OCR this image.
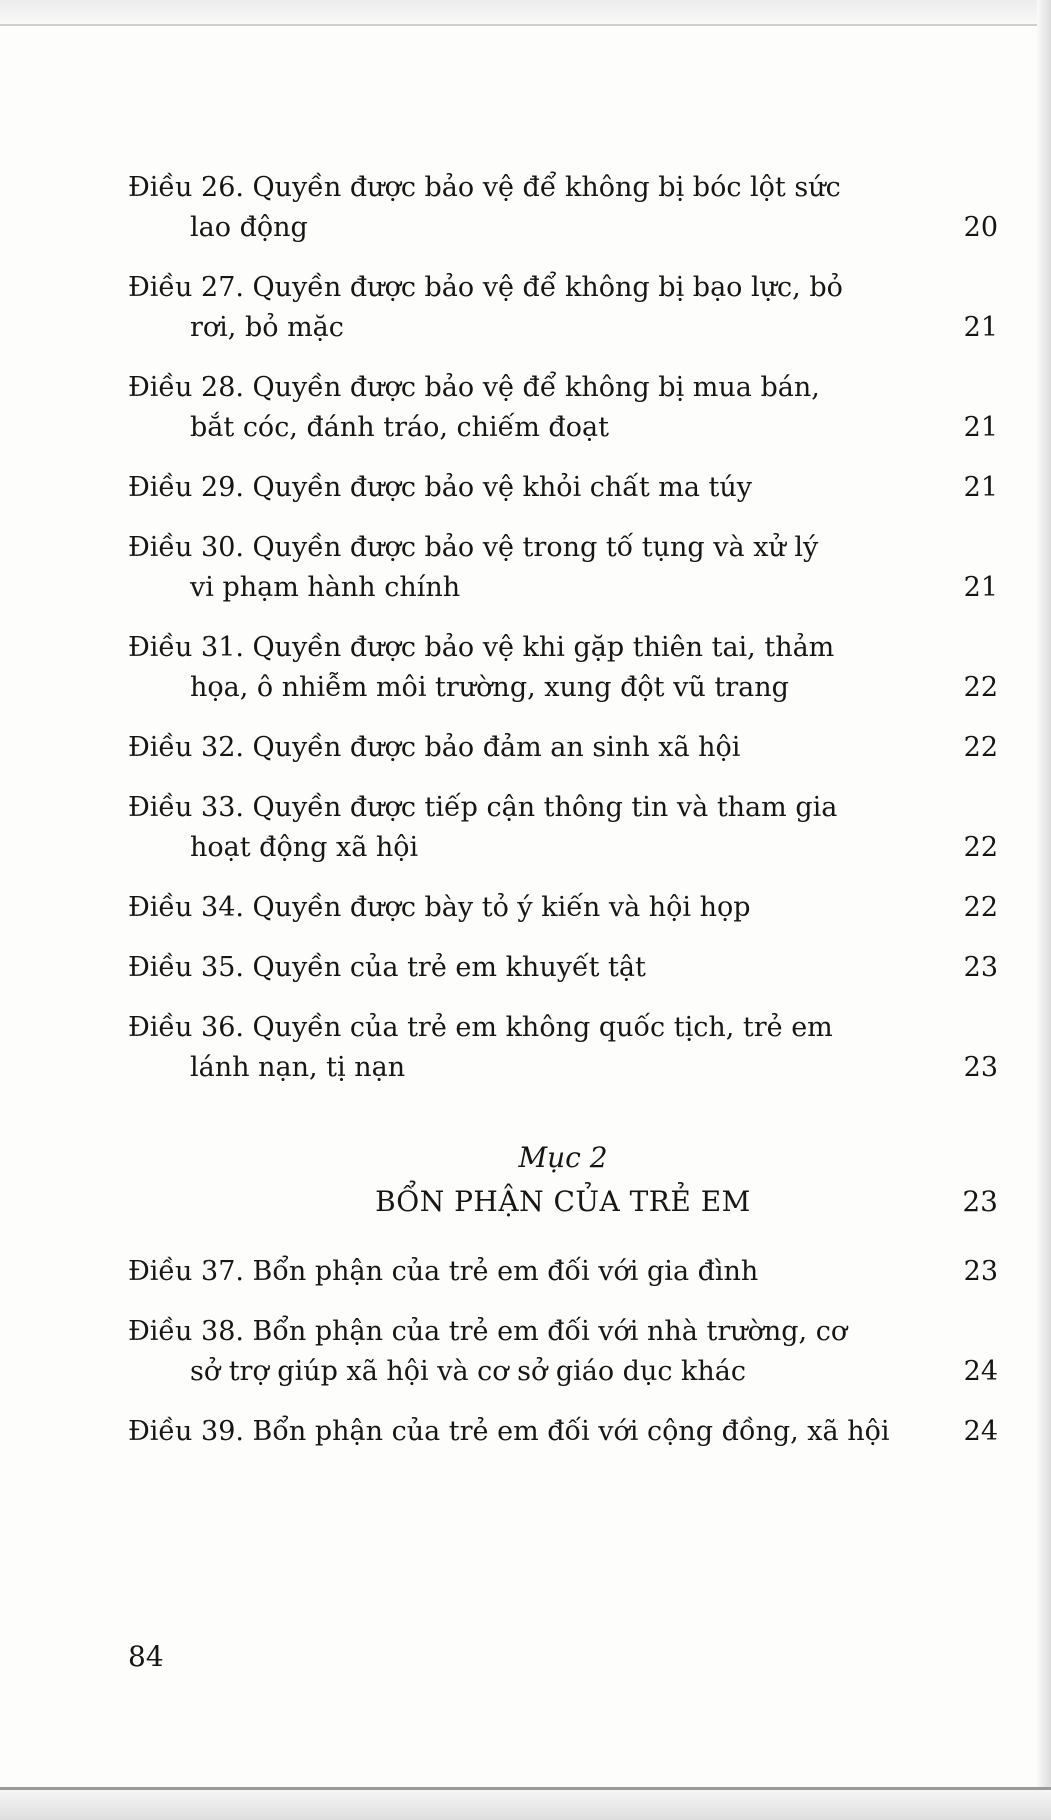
Điều 26. Quyền được bảo vệ để không bị bóc lột sức
lao động	20
Điều 27. Quyền được bảo vệ để không bị bạo lực, bỏ
rơi, bỏ mặc	21
Điều 28. Quyền được bảo vệ để không bị mua bán,
bắt cóc, đánh tráo, chiếm đoạt	21
Điều 29. Quyền được bảo vệ khỏi chất ma túy	21
Điều 30. Quyền được bảo vệ trong tố tụng và xử lý
vi phạm hành chính	21
Điều 31. Quyền được bảo vệ khi gặp thiên tai, thảm
họa, ô nhiễm môi trường, xung đột vũ trang	22
Điều 32. Quyền được bảo đảm an sinh xã hội	22
Điều 33. Quyền được tiếp cận thông tin và tham gia
hoạt động xã hội	22
Điều 34. Quyền được bày tỏ ý kiến và hội họp	22
Điều 35. Quyền của trẻ em khuyết tật	23
Điều 36. Quyền của trẻ em không quốc tịch, trẻ em
lánh nạn, tị nạn	23
Mục 2
BỔN PHẬN CỦA TRẺ EM	23
Điều 37. Bổn phận của trẻ em đối với gia đình	23
Điều 38. Bổn phận của trẻ em đối với nhà trường, cơ
sở trợ giúp xã hội và cơ sở giáo dục khác	24
Điều 39. Bổn phận của trẻ em đối với cộng đồng, xã hội	24
84
